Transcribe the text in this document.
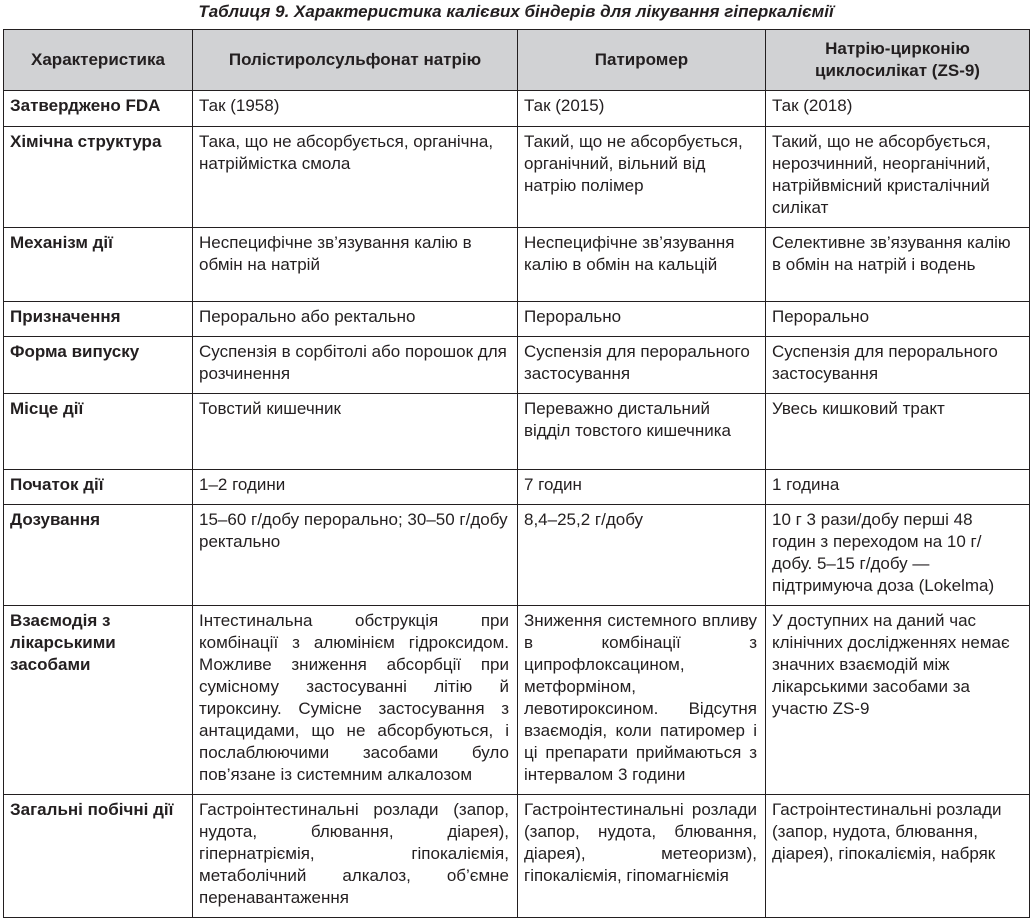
Таблиця 9. Характеристика калієвих біндерів для лікування гіперкаліємії
Характеристика	Полістиролсульфонат натрію	Патиромер	Натрію-цирконію циклосилікат (ZS-9)
Затверджено FDA	Так (1958)	Так (2015)	Так (2018)
Хімічна структура	Така, що не абсорбується, органічна, натріймістка смола	Такий, що не абсорбується, органічний, вільний від натрію полімер	Такий, що не абсорбується, нерозчинний, неорганічний, натрійвмісний кристалічний силікат
Механізм дії	Неспецифічне зв’язування калію в обмін на натрій	Неспецифічне зв’язування калію в обмін на кальцій	Селективне зв’язування калію в обмін на натрій і водень
Призначення	Перорально або ректально	Перорально	Перорально
Форма випуску	Суспензія в сорбітолі або порошок для розчинення	Суспензія для перорального застосування	Суспензія для перорального застосування
Місце дії	Товстий кишечник	Переважно дистальний відділ товстого кишечника	Увесь кишковий тракт
Початок дії	1–2 години	7 годин	1 година
Дозування	15–60 г/добу перорально; 30–50 г/добу ректально	8,4–25,2 г/добу	10 г 3 рази/добу перші 48 годин з переходом на 10 г/добу. 5–15 г/добу — підтримуюча доза (Lokelma)
Взаємодія з лікарськими засобами	Інтестинальна обструкція при комбінації з алюмінієм гідроксидом. Можливе зниження абсорбції при сумісному застосуванні літію й тироксину. Сумісне застосування з антацидами, що не абсорбуються, і послаблюючими засобами було пов’язане із системним алкалозом	Зниження системного впливу в комбінації з ципрофлоксацином, метформіном, левотироксином. Відсутня взаємодія, коли патиромер і ці препарати приймаються з інтервалом 3 години	У доступних на даний час клінічних дослідженнях немає значних взаємодій між лікарськими засобами за участю ZS-9
Загальні побічні дії	Гастроінтестинальні розлади (запор, нудота, блювання, діарея), гіпернатріємія, гіпокаліємія, метаболічний алкалоз, об’ємне перенавантаження	Гастроінтестинальні розлади (запор, нудота, блювання, діарея), метеоризм), гіпокаліємія, гіпомагніємія	Гастроінтестинальні розлади (запор, нудота, блювання, діарея), гіпокаліємія, набряк
